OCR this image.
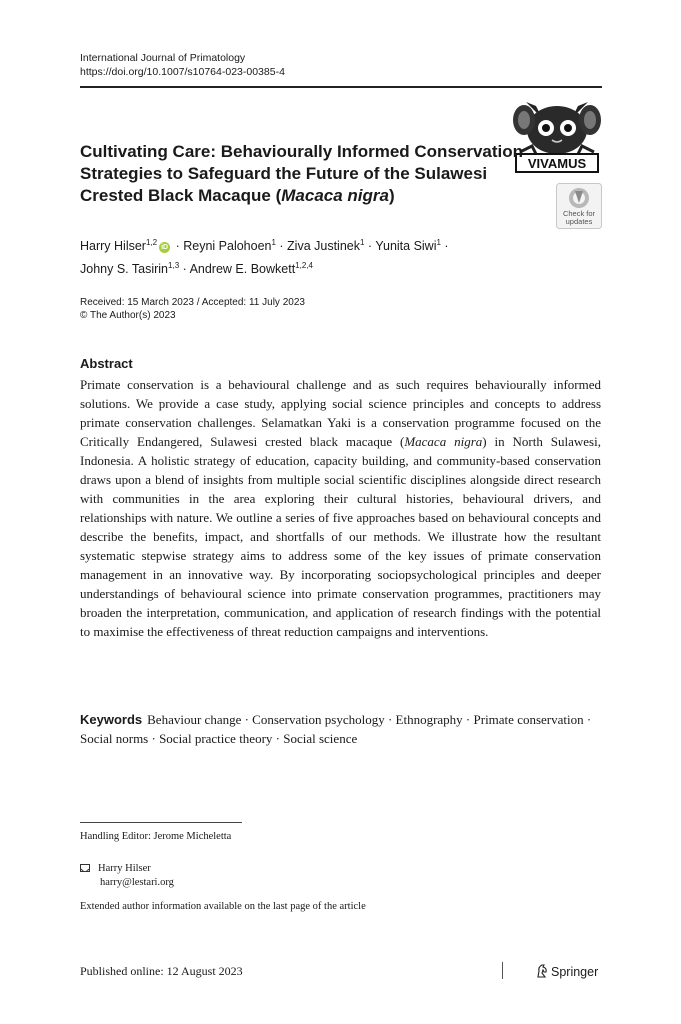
International Journal of Primatology
https://doi.org/10.1007/s10764-023-00385-4
VIVAMUS
Check for
updates
Cultivating Care: Behaviourally Informed Conservation Strategies to Safeguard the Future of the Sulawesi Crested Black Macaque (Macaca nigra)
Harry Hilser$^{1,2}$iD · Reyni Palohoen$^1$ · Ziva Justinek$^1$ · Yunita Siwi$^1$ ·
Johny S. Tasirin$^{1,3}$ · Andrew E. Bowkett$^{1,2,4}$
Received: 15 March 2023 / Accepted: 11 July 2023
© The Author(s) 2023
Abstract

Primate conservation is a behavioural challenge and as such requires behaviourally informed solutions. We provide a case study, applying social science principles and concepts to address primate conservation challenges. Selamatkan Yaki is a conservation programme focused on the Critically Endangered, Sulawesi crested black macaque (Macaca nigra) in North Sulawesi, Indonesia. A holistic strategy of education, capacity building, and community-based conservation draws upon a blend of insights from multiple social scientific disciplines alongside direct research with communities in the area exploring their cultural histories, behavioural drivers, and relationships with nature. We outline a series of five approaches based on behavioural concepts and describe the benefits, impact, and shortfalls of our methods. We illustrate how the resultant systematic stepwise strategy aims to address some of the key issues of primate conservation management in an innovative way. By incorporating sociopsychological principles and deeper understandings of behavioural science into primate conservation programmes, practitioners may broaden the interpretation, communication, and application of research findings with the potential to maximise the effectiveness of threat reduction campaigns and interventions.

Keywords Behaviour change · Conservation psychology · Ethnography · Primate conservation · Social norms · Social practice theory · Social science
Handling Editor: Jerome Micheletta
Harry Hilser
harry@lestari.org
Extended author information available on the last page of the article
Published online: 12 August 2023	Springer
